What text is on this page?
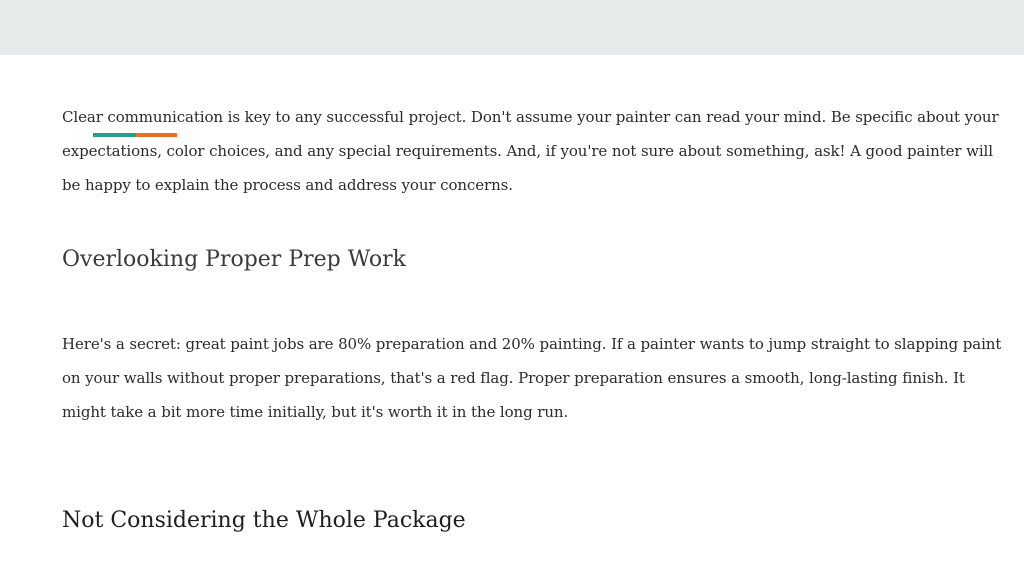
Clear communication is key to any successful project. Don't assume your painter can read your mind. Be specific about your expectations, color choices, and any special requirements. And, if you're not sure about something, ask! A good painter will be happy to explain the process and address your concerns.

Overlooking Proper Prep Work

Here's a secret: great paint jobs are 80% preparation and 20% painting. If a painter wants to jump straight to slapping paint on your walls without proper preparations, that's a red flag. Proper preparation ensures a smooth, long-lasting finish. It might take a bit more time initially, but it's worth it in the long run.

Not Considering the Whole Package
